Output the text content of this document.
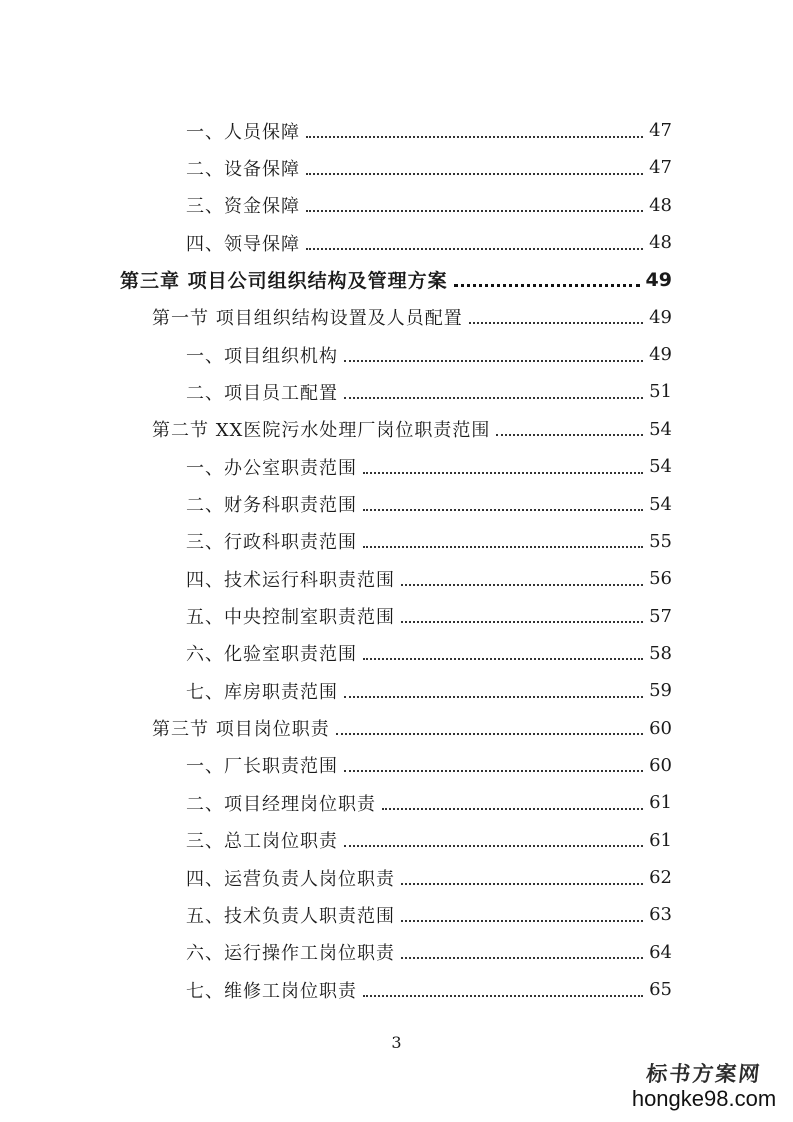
一、人员保障	47
二、设备保障	47
三、资金保障	48
四、领导保障	48
第三章 项目公司组织结构及管理方案	49
第一节 项目组织结构设置及人员配置	49
一、项目组织机构	49
二、项目员工配置	51
第二节 XX医院污水处理厂岗位职责范围	54
一、办公室职责范围	54
二、财务科职责范围	54
三、行政科职责范围	55
四、技术运行科职责范围	56
五、中央控制室职责范围	57
六、化验室职责范围	58
七、库房职责范围	59
第三节 项目岗位职责	60
一、厂长职责范围	60
二、项目经理岗位职责	61
三、总工岗位职责	61
四、运营负责人岗位职责	62
五、技术负责人职责范围	63
六、运行操作工岗位职责	64
七、维修工岗位职责	65
3
标书方案网
hongke98.com
